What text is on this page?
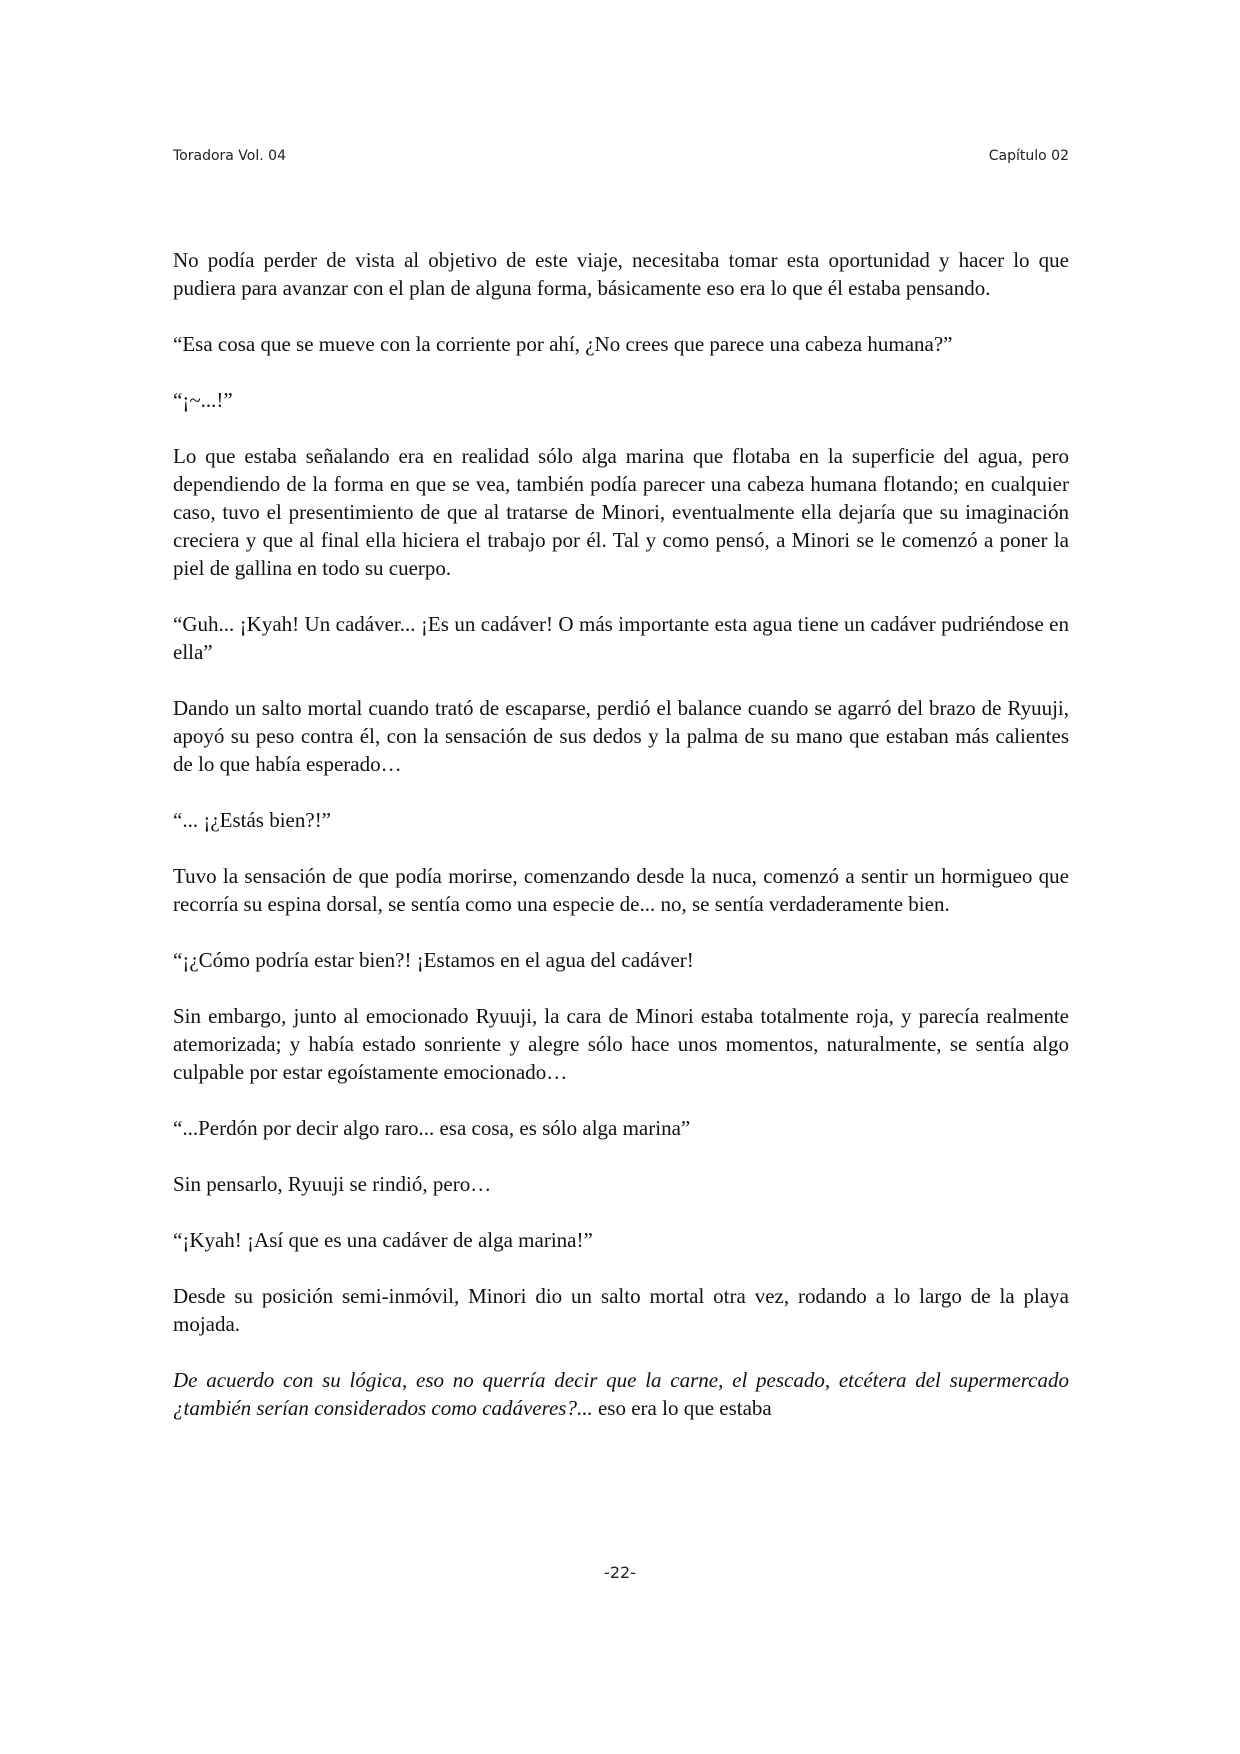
Toradora Vol. 04	Capítulo 02

No podía perder de vista al objetivo de este viaje, necesitaba tomar esta oportunidad y hacer lo que pudiera para avanzar con el plan de alguna forma, básicamente eso era lo que él estaba pensando.

“Esa cosa que se mueve con la corriente por ahí, ¿No crees que parece una cabeza humana?”

“¡~...!”

Lo que estaba señalando era en realidad sólo alga marina que flotaba en la superficie del agua, pero dependiendo de la forma en que se vea, también podía parecer una cabeza humana flotando; en cualquier caso, tuvo el presentimiento de que al tratarse de Minori, eventualmente ella dejaría que su imaginación creciera y que al final ella hiciera el trabajo por él. Tal y como pensó, a Minori se le comenzó a poner la piel de gallina en todo su cuerpo.

“Guh... ¡Kyah! Un cadáver... ¡Es un cadáver! O más importante esta agua tiene un cadáver pudriéndose en ella”

Dando un salto mortal cuando trató de escaparse, perdió el balance cuando se agarró del brazo de Ryuuji, apoyó su peso contra él, con la sensación de sus dedos y la palma de su mano que estaban más calientes de lo que había esperado…

“... ¡¿Estás bien?!”

Tuvo la sensación de que podía morirse, comenzando desde la nuca, comenzó a sentir un hormigueo que recorría su espina dorsal, se sentía como una especie de... no, se sentía verdaderamente bien.

“¡¿Cómo podría estar bien?! ¡Estamos en el agua del cadáver!

Sin embargo, junto al emocionado Ryuuji, la cara de Minori estaba totalmente roja, y parecía realmente atemorizada; y había estado sonriente y alegre sólo hace unos momentos, naturalmente, se sentía algo culpable por estar egoístamente emocionado…

“...Perdón por decir algo raro... esa cosa, es sólo alga marina”

Sin pensarlo, Ryuuji se rindió, pero…

“¡Kyah! ¡Así que es una cadáver de alga marina!”

Desde su posición semi-inmóvil, Minori dio un salto mortal otra vez, rodando a lo largo de la playa mojada.

De acuerdo con su lógica, eso no querría decir que la carne, el pescado, etcétera del supermercado ¿también serían considerados como cadáveres?... eso era lo que estaba

-22-
